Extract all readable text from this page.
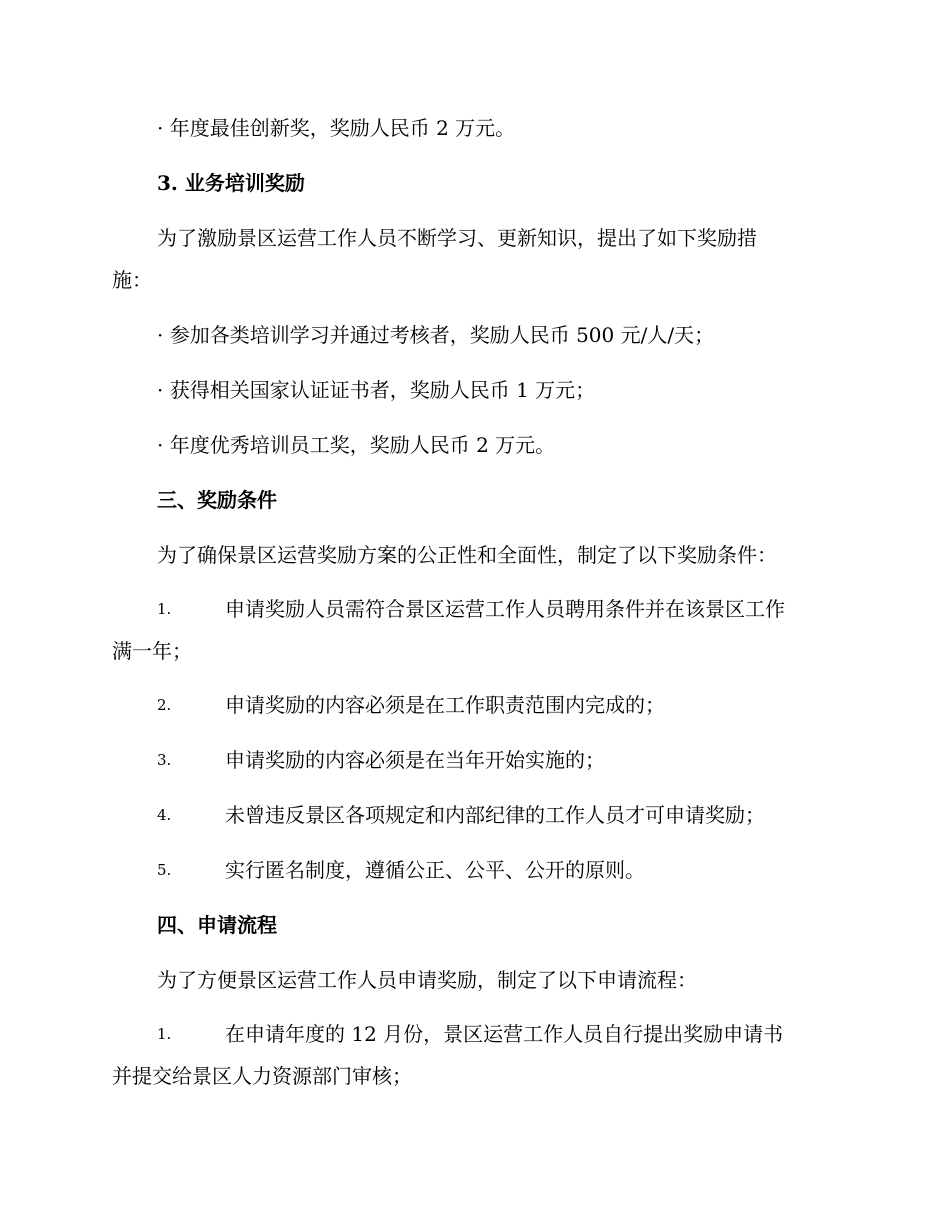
· 年度最佳创新奖，奖励人民币 2 万元。
3. 业务培训奖励
为了激励景区运营工作人员不断学习、更新知识，提出了如下奖励措
施：
· 参加各类培训学习并通过考核者，奖励人民币 500 元/人/天；
· 获得相关国家认证证书者，奖励人民币 1 万元；
· 年度优秀培训员工奖，奖励人民币 2 万元。
三、奖励条件
为了确保景区运营奖励方案的公正性和全面性，制定了以下奖励条件：
1.	申请奖励人员需符合景区运营工作人员聘用条件并在该景区工作
满一年；
2.	申请奖励的内容必须是在工作职责范围内完成的；
3.	申请奖励的内容必须是在当年开始实施的；
4.	未曾违反景区各项规定和内部纪律的工作人员才可申请奖励；
5.	实行匿名制度，遵循公正、公平、公开的原则。
四、申请流程
为了方便景区运营工作人员申请奖励，制定了以下申请流程：
1.	在申请年度的 12 月份，景区运营工作人员自行提出奖励申请书
并提交给景区人力资源部门审核；
